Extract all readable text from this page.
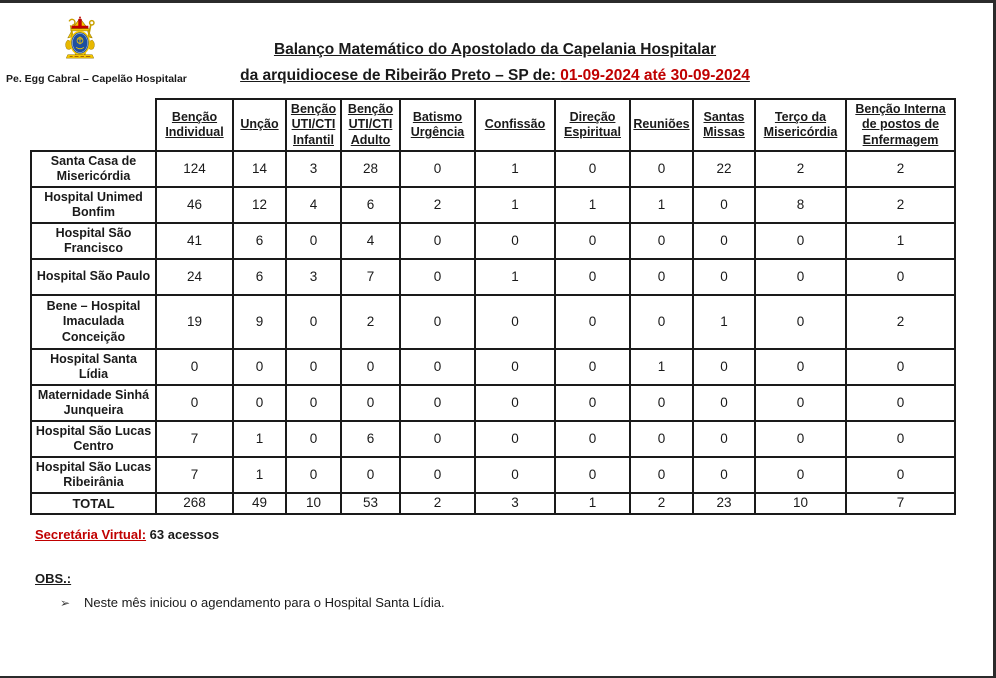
Pe. Egg Cabral – Capelão Hospitalar
Balanço Matemático do Apostolado da Capelania Hospitalar
da arquidiocese de Ribeirão Preto – SP de: 01-09-2024 até 30-09-2024
	Benção Individual	Unção	Benção UTI/CTI Infantil	Benção UTI/CTI Adulto	Batismo Urgência	Confissão	Direção Espiritual	Reuniões	Santas Missas	Terço da Misericórdia	Benção Interna de postos de Enfermagem
Santa Casa de Misericórdia	124	14	3	28	0	1	0	0	22	2	2
Hospital Unimed Bonfim	46	12	4	6	2	1	1	1	0	8	2
Hospital São Francisco	41	6	0	4	0	0	0	0	0	0	1
Hospital São Paulo	24	6	3	7	0	1	0	0	0	0	0
Bene – Hospital Imaculada Conceição	19	9	0	2	0	0	0	0	1	0	2
Hospital Santa Lídia	0	0	0	0	0	0	0	1	0	0	0
Maternidade Sinhá Junqueira	0	0	0	0	0	0	0	0	0	0	0
Hospital São Lucas Centro	7	1	0	6	0	0	0	0	0	0	0
Hospital São Lucas Ribeirânia	7	1	0	0	0	0	0	0	0	0	0
TOTAL	268	49	10	53	2	3	1	2	23	10	7
Secretária Virtual: 63 acessos
OBS.:
➢ Neste mês iniciou o agendamento para o Hospital Santa Lídia.
